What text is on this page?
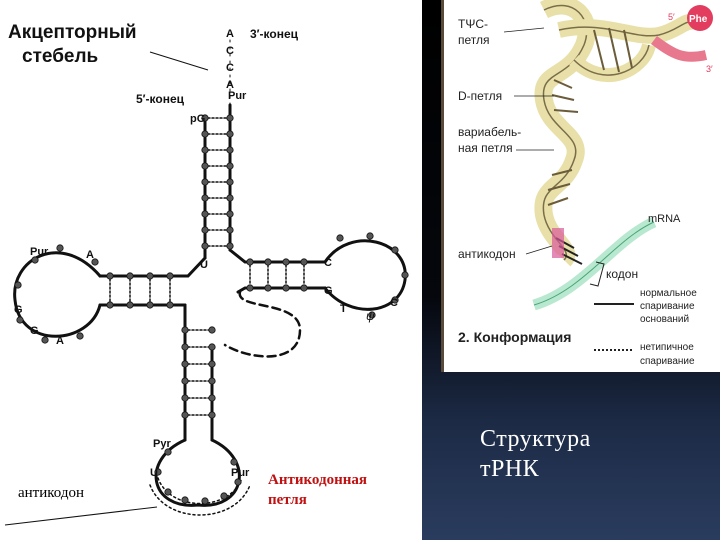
Акцепторный
стебель
3′-конец
5′-конец
A
C
C
A
Pur
pG
U
Pur	A
G
G
A
C
G
T ψ
C
Pyr
U	Pur
Phe
5′
3′
TΨC-
петля
D-петля
вариабель-
ная петля
антикодон
mRNA
кодон
2. Конформация
нормальное
спаривание
оснований
нетипичное
спаривание
Структура
тРНК
антикодон
Антикодонная
петля
